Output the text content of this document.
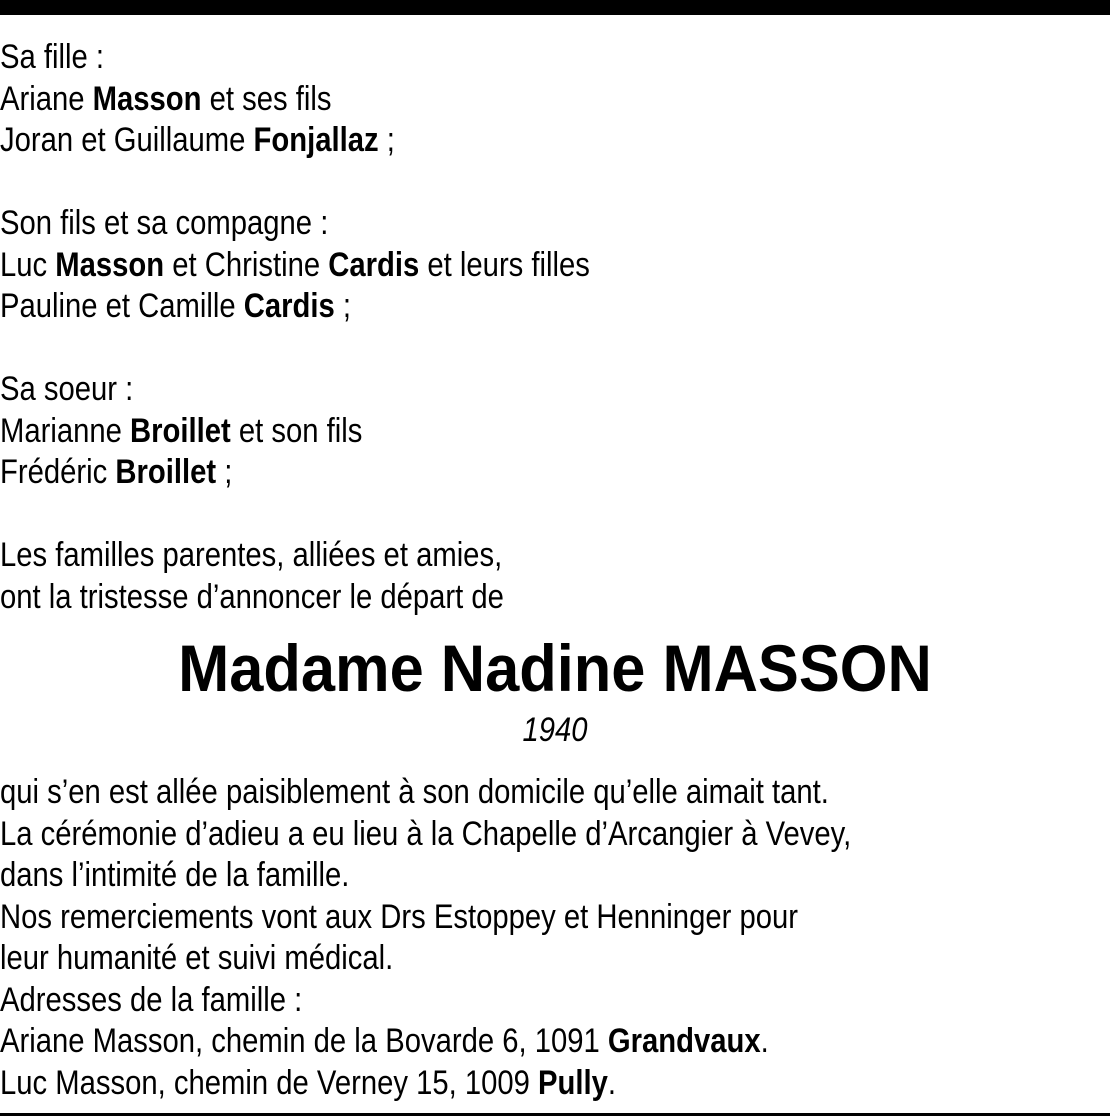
Sa fille :
Ariane Masson et ses fils
Joran et Guillaume Fonjallaz ;
Son fils et sa compagne :
Luc Masson et Christine Cardis et leurs filles
Pauline et Camille Cardis ;
Sa soeur :
Marianne Broillet et son fils
Frédéric Broillet ;
Les familles parentes, alliées et amies,
ont la tristesse d’annoncer le départ de
Madame Nadine MASSON
1940
qui s’en est allée paisiblement à son domicile qu’elle aimait tant.
La cérémonie d’adieu a eu lieu à la Chapelle d’Arcangier à Vevey,
dans l’intimité de la famille.
Nos remerciements vont aux Drs Estoppey et Henninger pour
leur humanité et suivi médical.
Adresses de la famille :
Ariane Masson, chemin de la Bovarde 6, 1091 Grandvaux.
Luc Masson, chemin de Verney 15, 1009 Pully.
